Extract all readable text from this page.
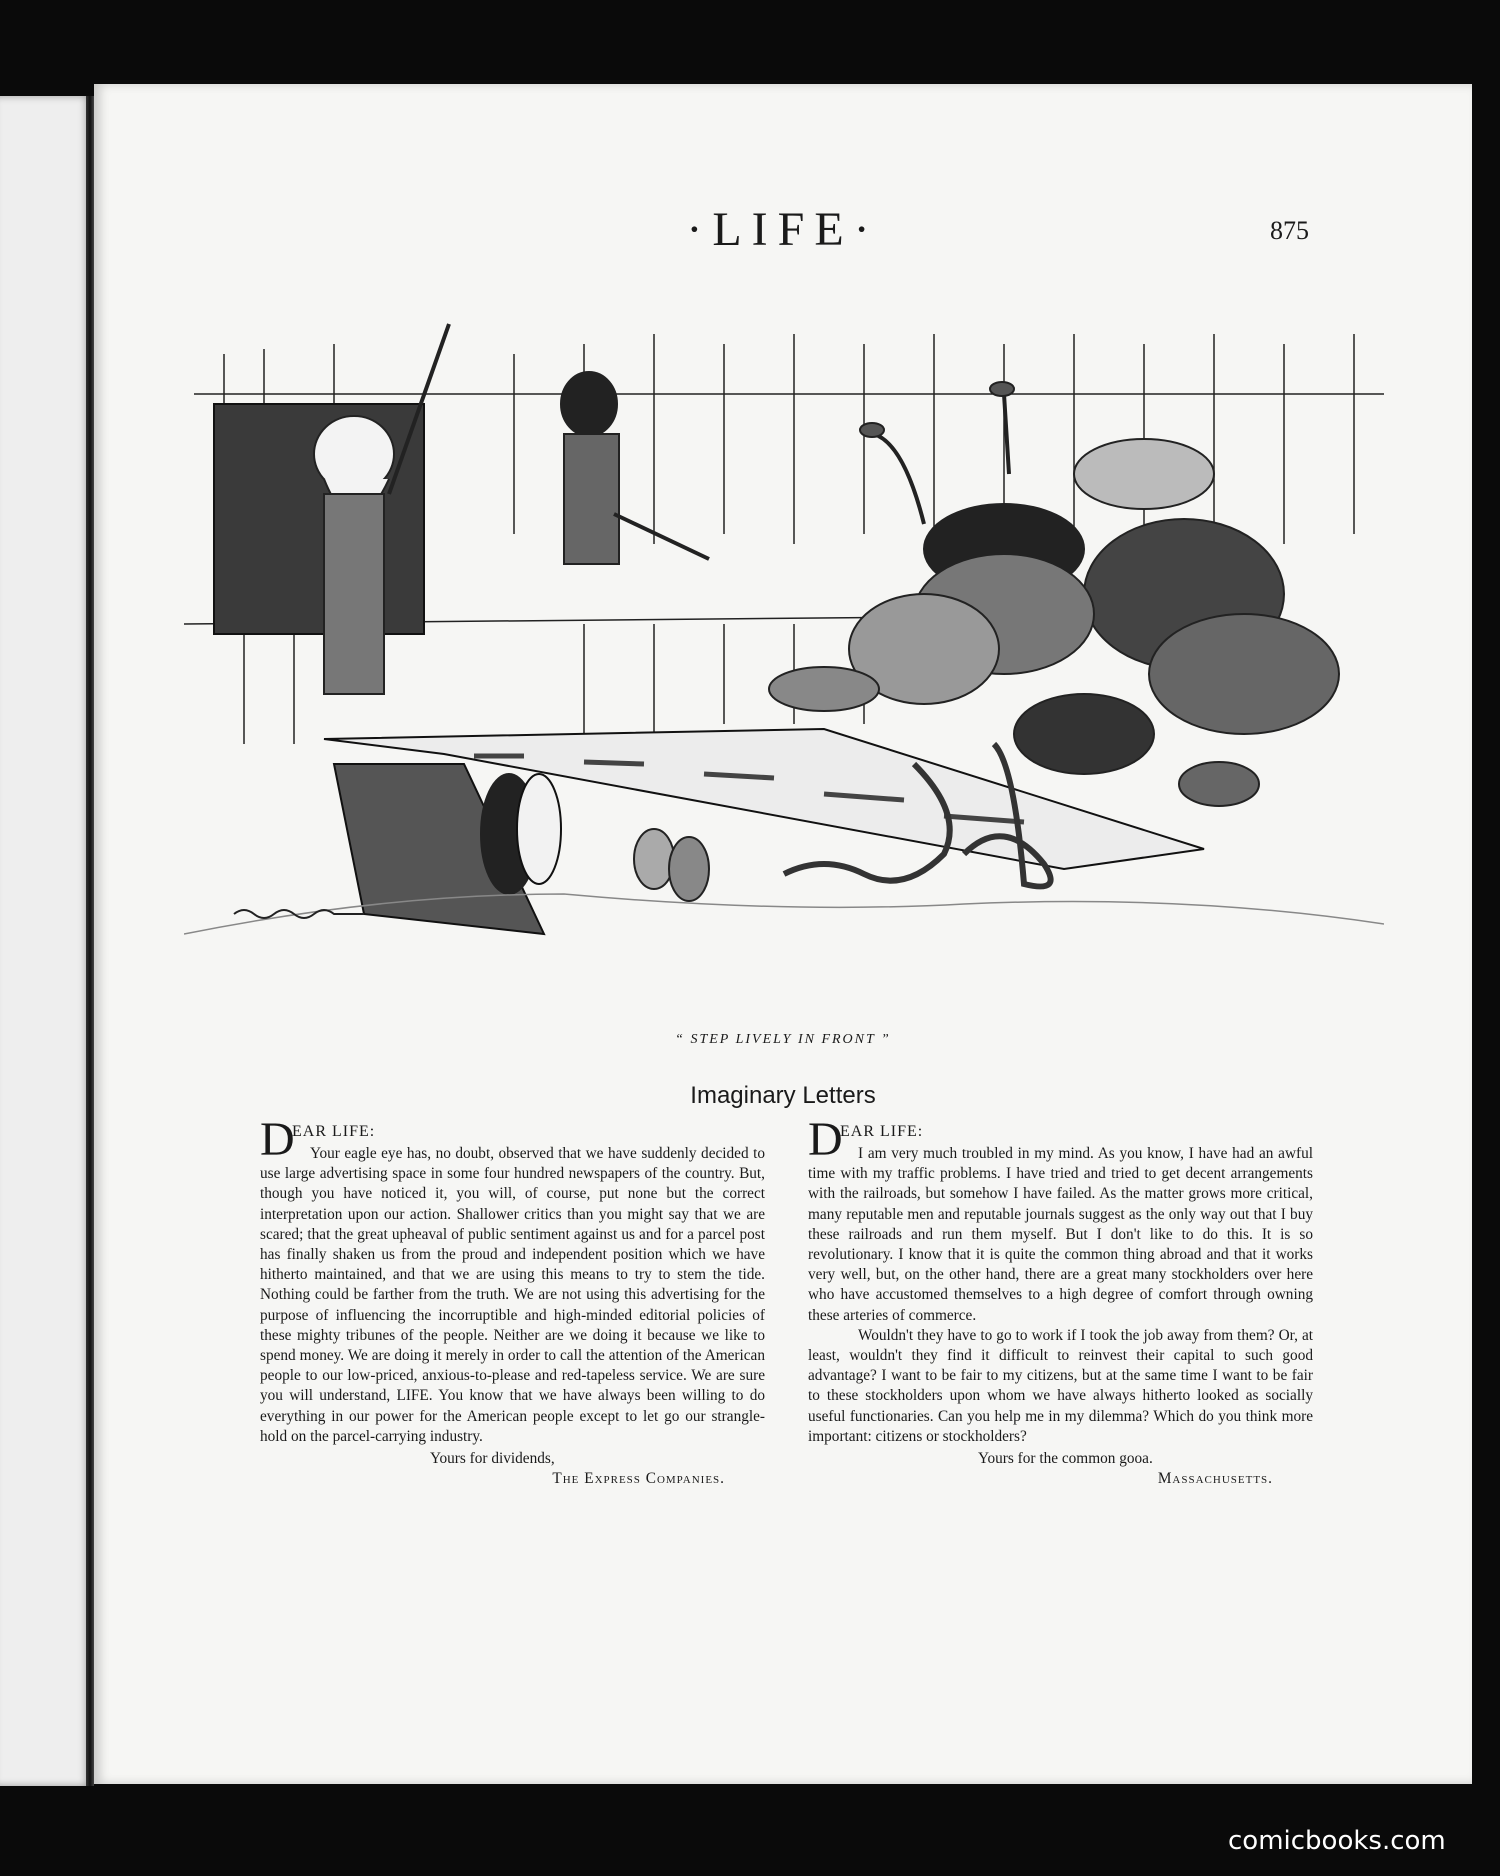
·LIFE·	875
“ STEP LIVELY IN FRONT ”
Imaginary Letters
D
EAR LIFE:

Your eagle eye has, no doubt, observed that we have suddenly decided to use large advertising space in some four hundred newspapers of the country. But, though you have noticed it, you will, of course, put none but the correct interpretation upon our action. Shallower critics than you might say that we are scared; that the great upheaval of public sentiment against us and for a parcel post has finally shaken us from the proud and independent position which we have hitherto maintained, and that we are using this means to try to stem the tide. Nothing could be farther from the truth. We are not using this advertising for the purpose of influencing the incorruptible and high-minded editorial policies of these mighty tribunes of the people. Neither are we doing it because we like to spend money. We are doing it merely in order to call the attention of the American people to our low-priced, anxious-to-please and red-tapeless service. We are sure you will understand, LIFE. You know that we have always been willing to do everything in our power for the American people except to let go our strangle-hold on the parcel-carrying industry.

Yours for dividends,

The Express Companies.

D
EAR LIFE:

I am very much troubled in my mind. As you know, I have had an awful time with my traffic problems. I have tried and tried to get decent arrangements with the railroads, but somehow I have failed. As the matter grows more critical, many reputable men and reputable journals suggest as the only way out that I buy these railroads and run them myself. But I don't like to do this. It is so revolutionary. I know that it is quite the common thing abroad and that it works very well, but, on the other hand, there are a great many stockholders over here who have accustomed themselves to a high degree of comfort through owning these arteries of commerce.

Wouldn't they have to go to work if I took the job away from them? Or, at least, wouldn't they find it difficult to reinvest their capital to such good advantage? I want to be fair to my citizens, but at the same time I want to be fair to these stockholders upon whom we have always hitherto looked as socially useful functionaries. Can you help me in my dilemma? Which do you think more important: citizens or stockholders?

Yours for the common gooa.

Massachusetts.

comicbooks.com
